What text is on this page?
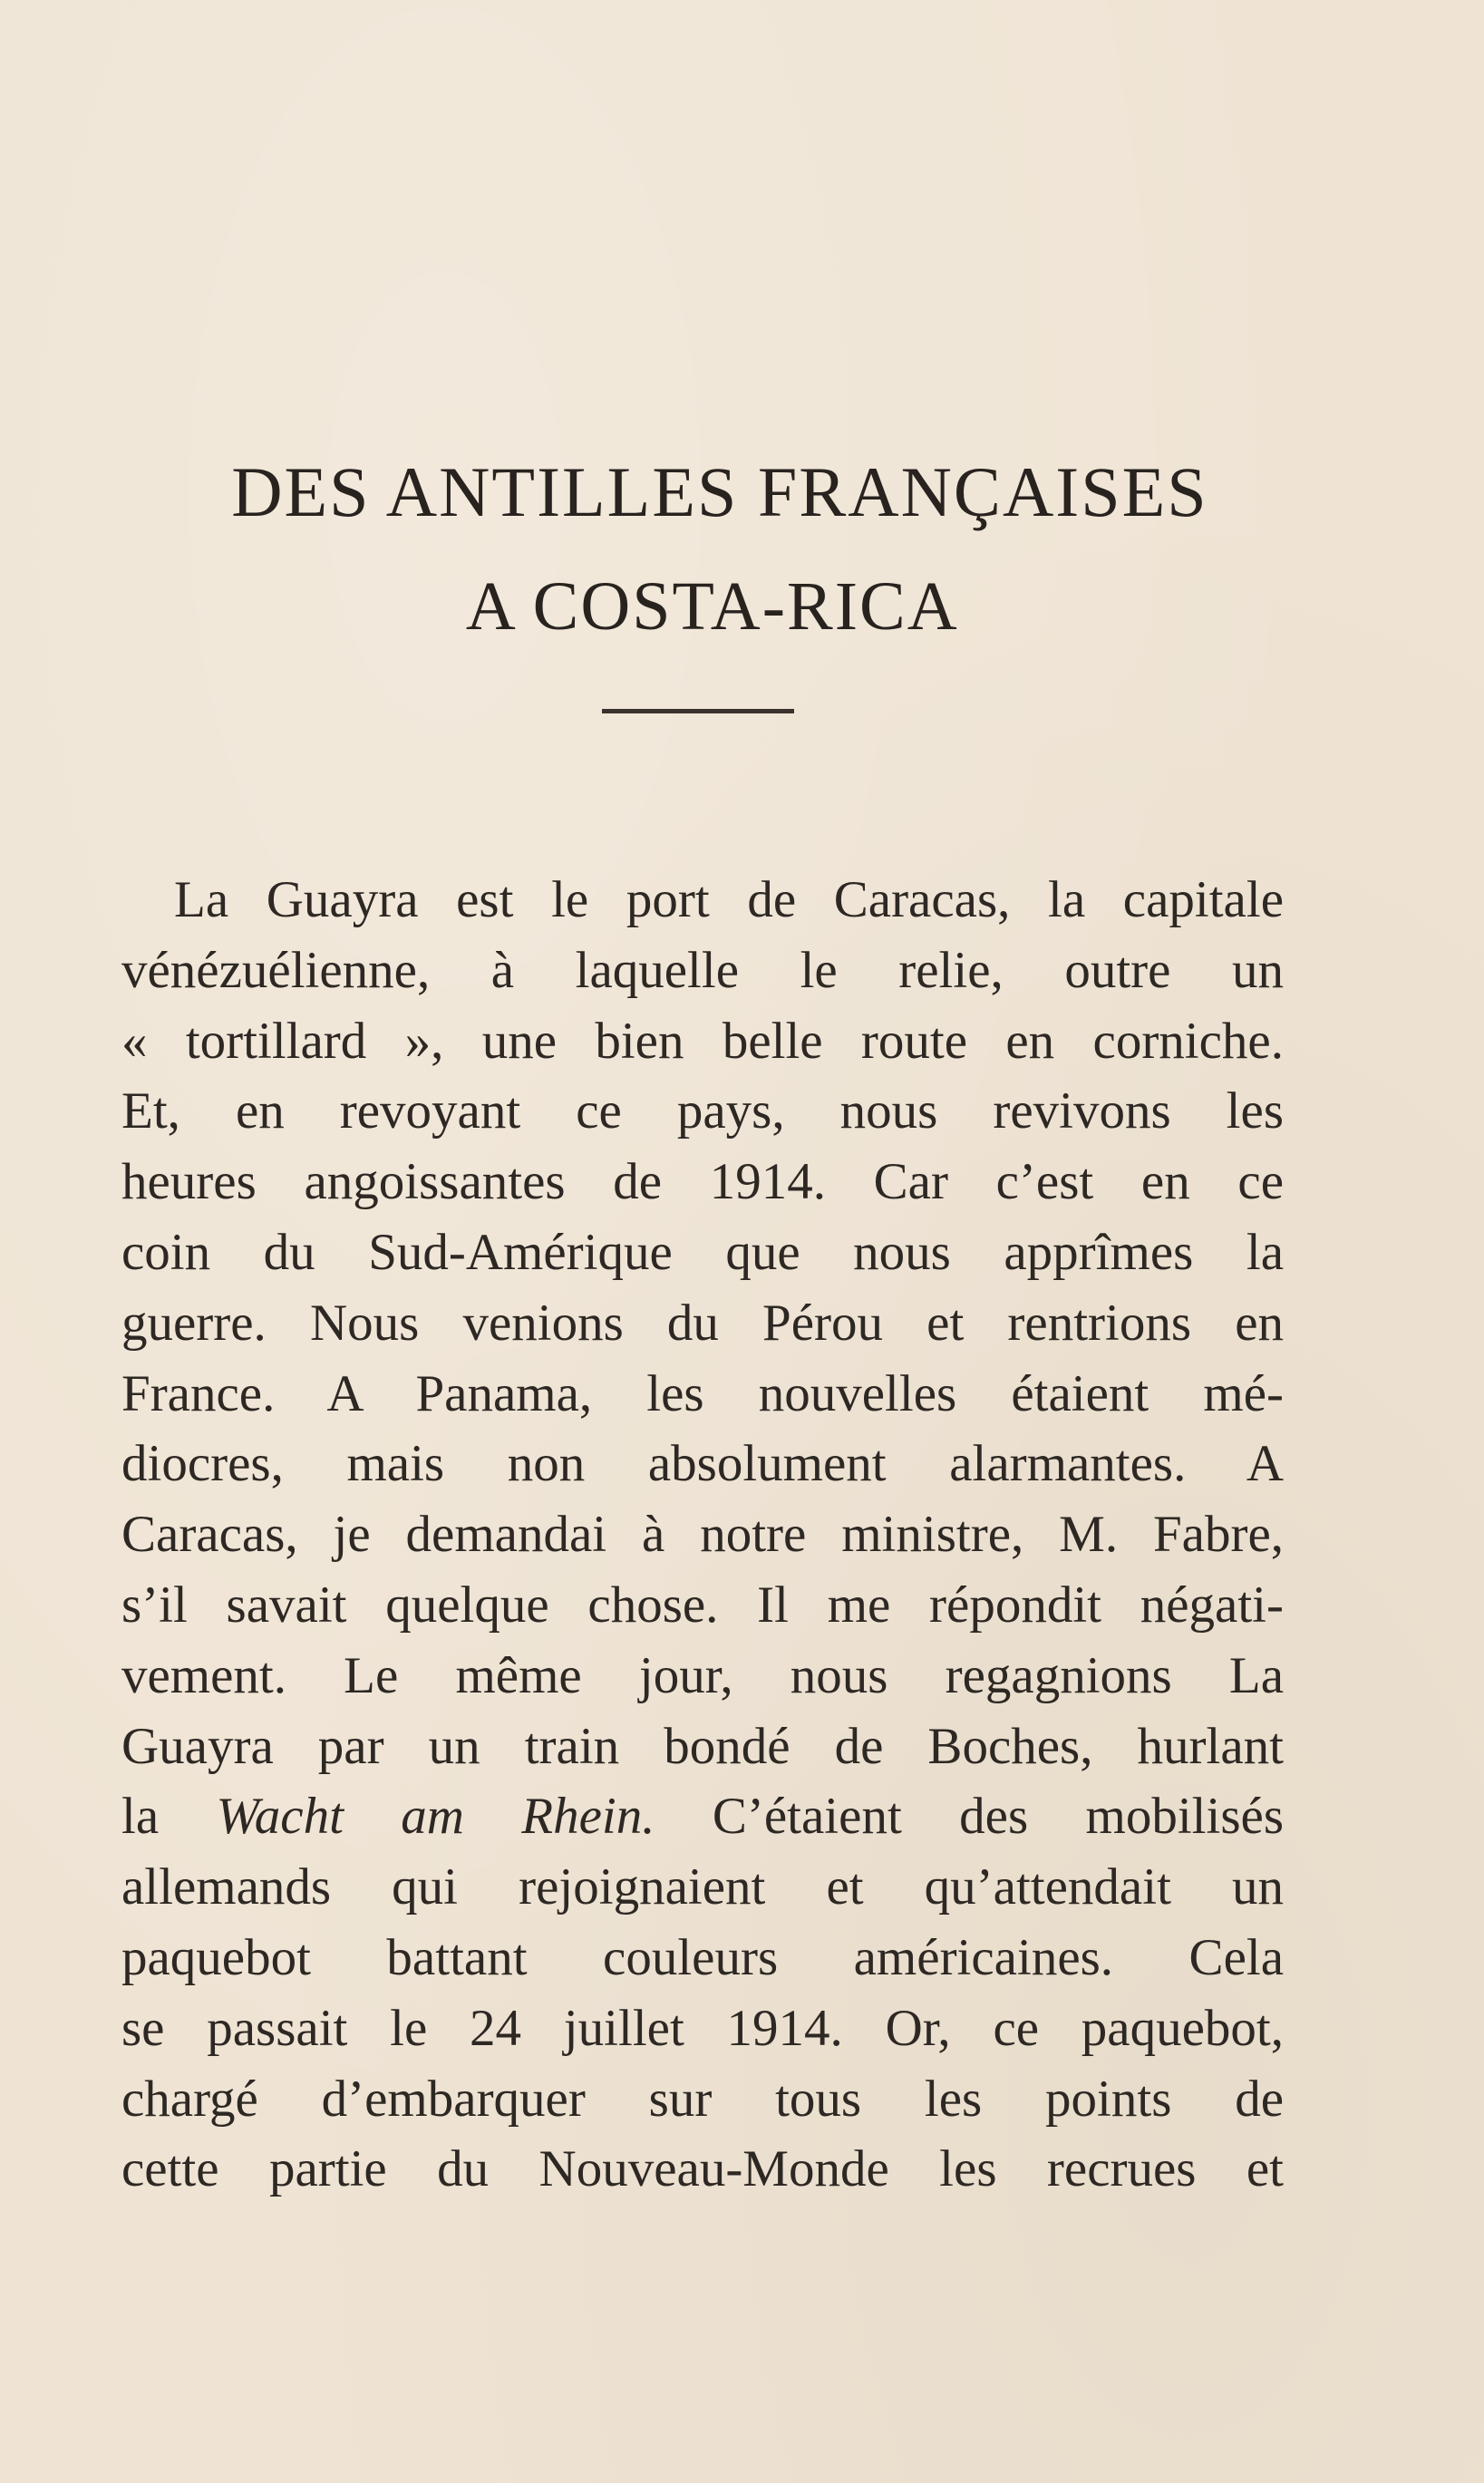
DES ANTILLES FRANÇAISES
A COSTA-RICA
La Guayra est le port de Caracas, la capitale
vénézuélienne, à laquelle le relie, outre un
« tortillard », une bien belle route en corniche.
Et, en revoyant ce pays, nous revivons les
heures angoissantes de 1914. Car c’est en ce
coin du Sud-Amérique que nous apprîmes la
guerre. Nous venions du Pérou et rentrions en
France. A Panama, les nouvelles étaient mé-
diocres, mais non absolument alarmantes. A
Caracas, je demandai à notre ministre, M. Fabre,
s’il savait quelque chose. Il me répondit négati-
vement. Le même jour, nous regagnions La
Guayra par un train bondé de Boches, hurlant
la Wacht am Rhein. C’étaient des mobilisés
allemands qui rejoignaient et qu’attendait un
paquebot battant couleurs américaines. Cela
se passait le 24 juillet 1914. Or, ce paquebot,
chargé d’embarquer sur tous les points de
cette partie du Nouveau-Monde les recrues et
